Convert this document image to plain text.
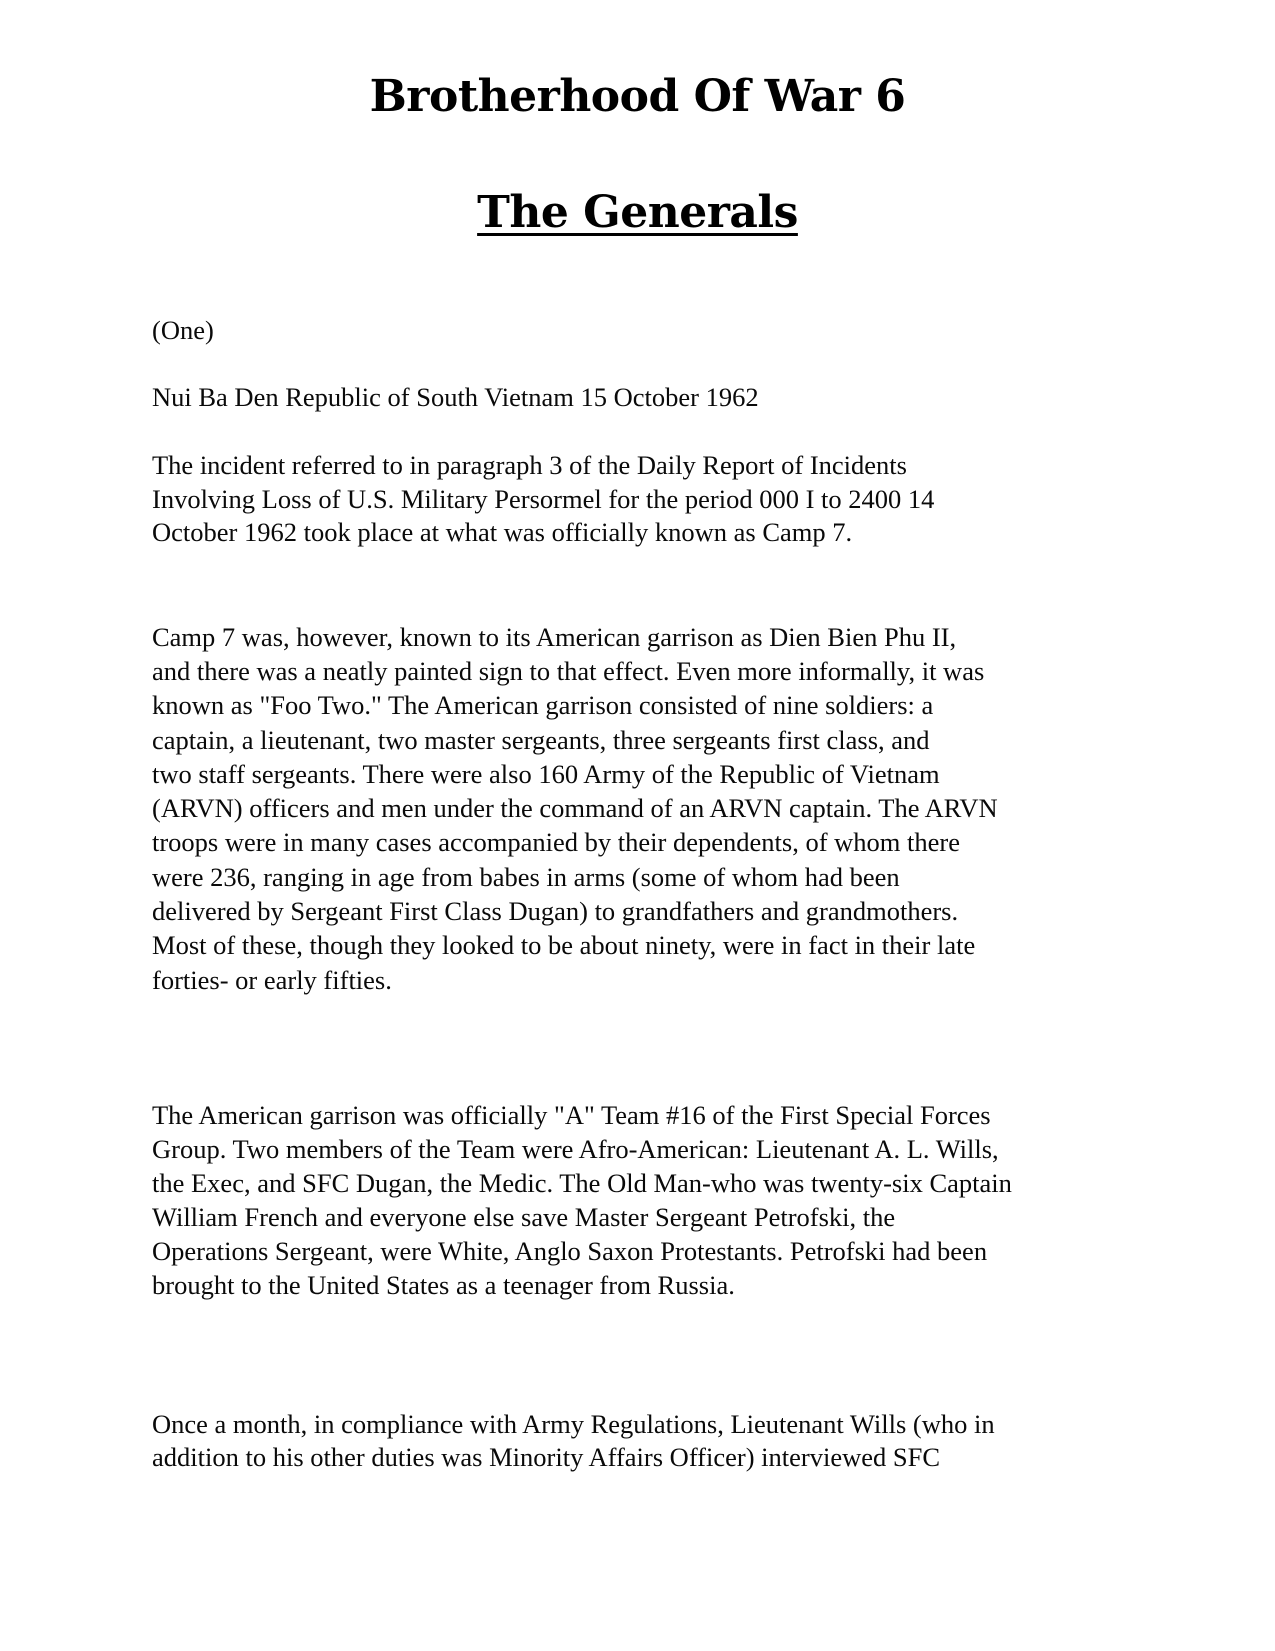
Brotherhood Of War 6
The Generals
(One)
Nui Ba Den Republic of South Vietnam 15 October 1962
The incident referred to in paragraph 3 of the Daily Report of Incidents
Involving Loss of U.S. Military Persormel for the period 000 I to 2400 14
October 1962 took place at what was officially known as Camp 7.
Camp 7 was, however, known to its American garrison as Dien Bien Phu II,
and there was a neatly painted sign to that effect. Even more informally, it was
known as "Foo Two." The American garrison consisted of nine soldiers: a
captain, a lieutenant, two master sergeants, three sergeants first class, and
two staff sergeants. There were also 160 Army of the Republic of Vietnam
(ARVN) officers and men under the command of an ARVN captain. The ARVN
troops were in many cases accompanied by their dependents, of whom there
were 236, ranging in age from babes in arms (some of whom had been
delivered by Sergeant First Class Dugan) to grandfathers and grandmothers.
Most of these, though they looked to be about ninety, were in fact in their late
forties- or early fifties.
The American garrison was officially "A" Team #16 of the First Special Forces
Group. Two members of the Team were Afro-American: Lieutenant A. L. Wills,
the Exec, and SFC Dugan, the Medic. The Old Man-who was twenty-six Captain
William French and everyone else save Master Sergeant Petrofski, the
Operations Sergeant, were White, Anglo Saxon Protestants. Petrofski had been
brought to the United States as a teenager from Russia.
Once a month, in compliance with Army Regulations, Lieutenant Wills (who in
addition to his other duties was Minority Affairs Officer) interviewed SFC
